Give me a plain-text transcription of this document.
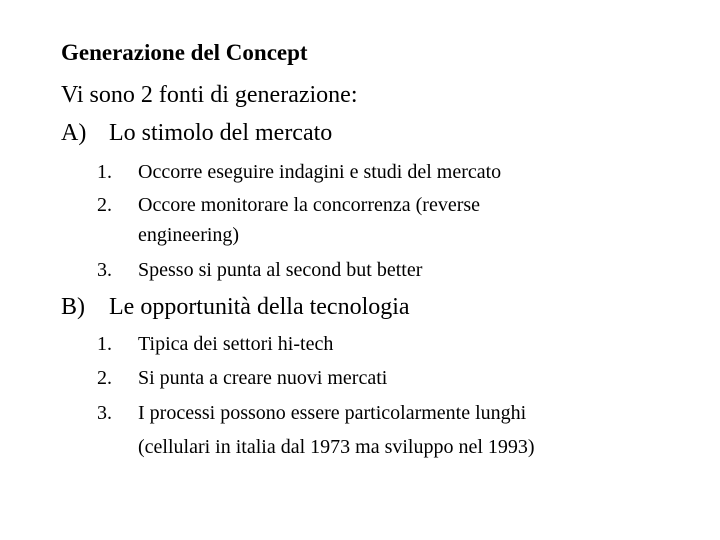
Generazione del Concept
Vi sono 2 fonti di generazione:
A) Lo stimolo del mercato
1. Occorre eseguire indagini e studi del mercato
2. Occore monitorare la concorrenza (reverse
engineering)
3. Spesso si punta al second but better
B) Le opportunità della tecnologia
1. Tipica dei settori hi-tech
2. Si punta a creare nuovi mercati
3. I processi possono essere particolarmente lunghi
(cellulari in italia dal 1973 ma sviluppo nel 1993)
